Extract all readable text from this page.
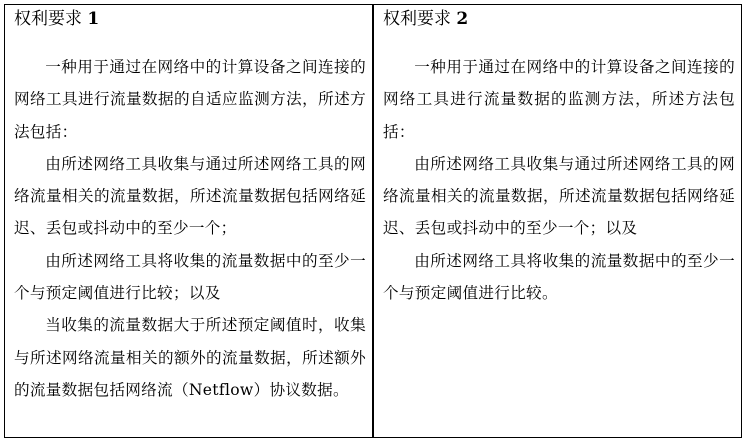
权利要求 1

一种用于通过在网络中的计算设备之间连接的网络工具进行流量数据的自适应监测方法，所述方法包括：

由所述网络工具收集与通过所述网络工具的网络流量相关的流量数据，所述流量数据包括网络延迟、丢包或抖动中的至少一个；

由所述网络工具将收集的流量数据中的至少一个与预定阈值进行比较；以及

当收集的流量数据大于所述预定阈值时，收集与所述网络流量相关的额外的流量数据，所述额外的流量数据包括网络流（Netflow）协议数据。

权利要求 2

一种用于通过在网络中的计算设备之间连接的网络工具进行流量数据的监测方法，所述方法包括：

由所述网络工具收集与通过所述网络工具的网络流量相关的流量数据，所述流量数据包括网络延迟、丢包或抖动中的至少一个；以及

由所述网络工具将收集的流量数据中的至少一个与预定阈值进行比较。
